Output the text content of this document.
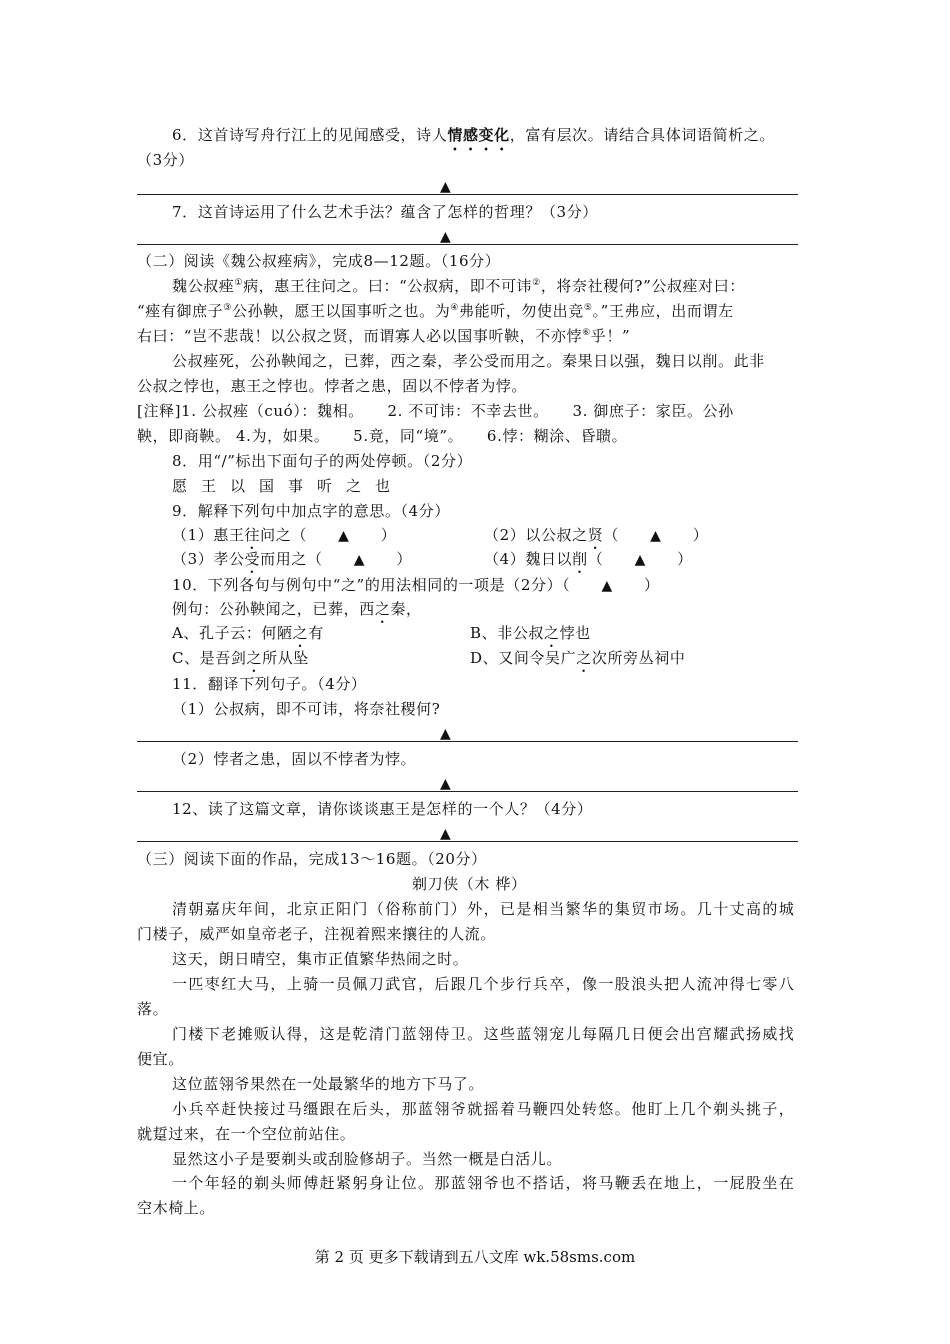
6．这首诗写舟行江上的见闻感受，诗人情感变化，富有层次。请结合具体词语简析之。
（3分）
▲
7．这首诗运用了什么艺术手法？蕴含了怎样的哲理？（3分）
▲
（二）阅读《魏公叔痤病》，完成8—12题。（16分）
魏公叔痤①病，惠王往问之。曰：“公叔病，即不可讳②，将奈社稷何?”公叔痤对曰：
“痤有御庶子③公孙鞅，愿王以国事听之也。为④弗能听，勿使出竞⑤。”王弗应，出而谓左
右曰：“岂不悲哉！以公叔之贤，而谓寡人必以国事听鞅，不亦悖⑥乎！”
公叔痤死，公孙鞅闻之，已葬，西之秦，孝公受而用之。秦果日以强，魏日以削。此非
公叔之悖也，惠王之悖也。悖者之患，固以不悖者为悖。
[注释]1. 公叔痤（cuó）：魏相。　　2. 不可讳：不幸去世。　　3. 御庶子：家臣。公孙
鞅，即商鞅。 4.为，如果。　　5.竟，同“境”。　　6.悖：糊涂、昏聩。
8．用“/”标出下面句子的两处停顿。（2分）
愿王以国事听之也
9．解释下列句中加点字的意思。（4分）
（1）惠王往问之（　　▲　　）	（2）以公叔之贤（　　▲　　）
（3）孝公受而用之（　　▲　　）	（4）魏日以削（　　▲　　）
10．下列各句与例句中“之”的用法相同的一项是（2分）（　　▲　　）
例句：公孙鞅闻之，已葬，西之秦，
A、孔子云：何陋之有	B、非公叔之悖也
C、是吾剑之所从坠	D、又间令吴广之次所旁丛祠中
11．翻译下列句子。（4分）
（1）公叔病，即不可讳，将奈社稷何?
▲
（2）悖者之患，固以不悖者为悖。
▲
12、读了这篇文章，请你谈谈惠王是怎样的一个人？（4分）
▲
（三）阅读下面的作品，完成13～16题。（20分）
剃刀侠（木 桦）
清朝嘉庆年间，北京正阳门（俗称前门）外，已是相当繁华的集贸市场。几十丈高的城
门楼子，威严如皇帝老子，注视着熙来攘往的人流。
这天，朗日晴空，集市正值繁华热闹之时。
一匹枣红大马，上骑一员佩刀武官，后跟几个步行兵卒，像一股浪头把人流冲得七零八
落。
门楼下老摊贩认得，这是乾清门蓝翎侍卫。这些蓝翎宠儿每隔几日便会出宫耀武扬威找
便宜。
这位蓝翎爷果然在一处最繁华的地方下马了。
小兵卒赶快接过马缰跟在后头，那蓝翎爷就摇着马鞭四处转悠。他盯上几个剃头挑子，
就踅过来，在一个空位前站住。
显然这小子是要剃头或刮脸修胡子。当然一概是白活儿。
一个年轻的剃头师傅赶紧躬身让位。那蓝翎爷也不搭话，将马鞭丢在地上，一屁股坐在
空木椅上。
第 2 页 更多下载请到五八文库 wk.58sms.com
